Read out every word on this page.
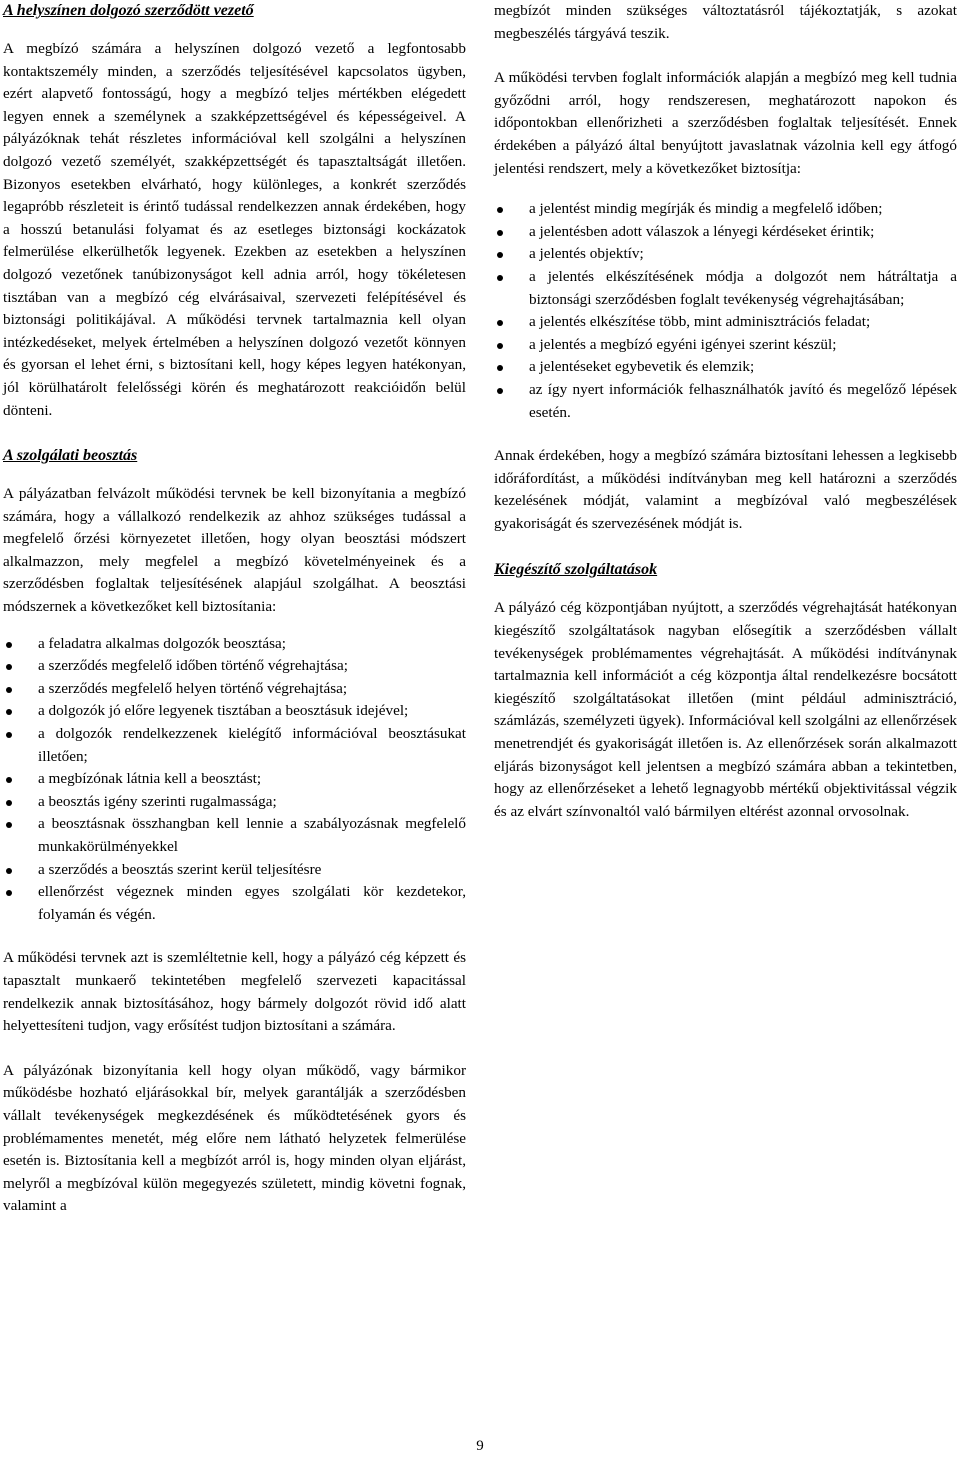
A helyszínen dolgozó szerződött vezető

A megbízó számára a helyszínen dolgozó vezető a legfontosabb kontaktszemély minden, a szerződés teljesítésével kapcsolatos ügyben, ezért alapvető fontosságú, hogy a megbízó teljes mértékben elégedett legyen ennek a személynek a szakképzettségével és képességeivel. A pályázóknak tehát részletes információval kell szolgálni a helyszínen dolgozó vezető személyét, szakképzettségét és tapasztaltságát illetően. Bizonyos esetekben elvárható, hogy különleges, a konkrét szerződés legapróbb részleteit is érintő tudással rendelkezzen annak érdekében, hogy a hosszú betanulási folyamat és az esetleges biztonsági kockázatok felmerülése elkerülhetők legyenek. Ezekben az esetekben a helyszínen dolgozó vezetőnek tanúbizonyságot kell adnia arról, hogy tökéletesen tisztában van a megbízó cég elvárásaival, szervezeti felépítésével és biztonsági politikájával. A működési tervnek tartalmaznia kell olyan intézkedéseket, melyek értelmében a helyszínen dolgozó vezetőt könnyen és gyorsan el lehet érni, s biztosítani kell, hogy képes legyen hatékonyan, jól körülhatárolt felelősségi körén és meghatározott reakcióidőn belül dönteni.

A szolgálati beosztás

A pályázatban felvázolt működési tervnek be kell bizonyítania a megbízó számára, hogy a vállalkozó rendelkezik az ahhoz szükséges tudással a megfelelő őrzési környezetet illetően, hogy olyan beosztási módszert alkalmazzon, mely megfelel a megbízó követelményeinek és a szerződésben foglaltak teljesítésének alapjául szolgálhat. A beosztási módszernek a következőket kell biztosítania:

a feladatra alkalmas dolgozók beosztása;
a szerződés megfelelő időben történő végrehajtása;
a szerződés megfelelő helyen történő végrehajtása;
a dolgozók jó előre legyenek tisztában a beosztásuk idejével;
a dolgozók rendelkezzenek kielégítő információval beosztásukat illetően;
a megbízónak látnia kell a beosztást;
a beosztás igény szerinti rugalmassága;
a beosztásnak összhangban kell lennie a szabályozásnak megfelelő munkakörülményekkel
a szerződés a beosztás szerint kerül teljesítésre
ellenőrzést végeznek minden egyes szolgálati kör kezdetekor, folyamán és végén.

A működési tervnek azt is szemléltetnie kell, hogy a pályázó cég képzett és tapasztalt munkaerő tekintetében megfelelő szervezeti kapacitással rendelkezik annak biztosításához, hogy bármely dolgozót rövid idő alatt helyettesíteni tudjon, vagy erősítést tudjon biztosítani a számára.

A pályázónak bizonyítania kell hogy olyan működő, vagy bármikor működésbe hozható eljárásokkal bír, melyek garantálják a szerződésben vállalt tevékenységek megkezdésének és működtetésének gyors és problémamentes menetét, még előre nem látható helyzetek felmerülése esetén is. Biztosítania kell a megbízót arról is, hogy minden olyan eljárást, melyről a megbízóval külön megegyezés született, mindig követni fognak, valamint a

megbízót minden szükséges változtatásról tájékoztatják, s azokat megbeszélés tárgyává teszik.

A működési tervben foglalt információk alapján a megbízó meg kell tudnia győződni arról, hogy rendszeresen, meghatározott napokon és időpontokban ellenőrizheti a szerződésben foglaltak teljesítését. Ennek érdekében a pályázó által benyújtott javaslatnak vázolnia kell egy átfogó jelentési rendszert, mely a következőket biztosítja:

a jelentést mindig megírják és mindig a megfelelő időben;
a jelentésben adott válaszok a lényegi kérdéseket érintik;
a jelentés objektív;
a jelentés elkészítésének módja a dolgozót nem hátráltatja a biztonsági szerződésben foglalt tevékenység végrehajtásában;
a jelentés elkészítése több, mint adminisztrációs feladat;
a jelentés a megbízó egyéni igényei szerint készül;
a jelentéseket egybevetik és elemzik;
az így nyert információk felhasználhatók javító és megelőző lépések esetén.

Annak érdekében, hogy a megbízó számára biztosítani lehessen a legkisebb időráfordítást, a működési indítványban meg kell határozni a szerződés kezelésének módját, valamint a megbízóval való megbeszélések gyakoriságát és szervezésének módját is.

Kiegészítő szolgáltatások

A pályázó cég központjában nyújtott, a szerződés végrehajtását hatékonyan kiegészítő szolgáltatások nagyban elősegítik a szerződésben vállalt tevékenységek problémamentes végrehajtását. A működési indítványnak tartalmaznia kell információt a cég központja által rendelkezésre bocsátott kiegészítő szolgáltatásokat illetően (mint például adminisztráció, számlázás, személyzeti ügyek). Információval kell szolgálni az ellenőrzések menetrendjét és gyakoriságát illetően is. Az ellenőrzések során alkalmazott eljárás bizonyságot kell jelentsen a megbízó számára abban a tekintetben, hogy az ellenőrzéseket a lehető legnagyobb mértékű objektivitással végzik és az elvárt színvonaltól való bármilyen eltérést azonnal orvosolnak.

9
